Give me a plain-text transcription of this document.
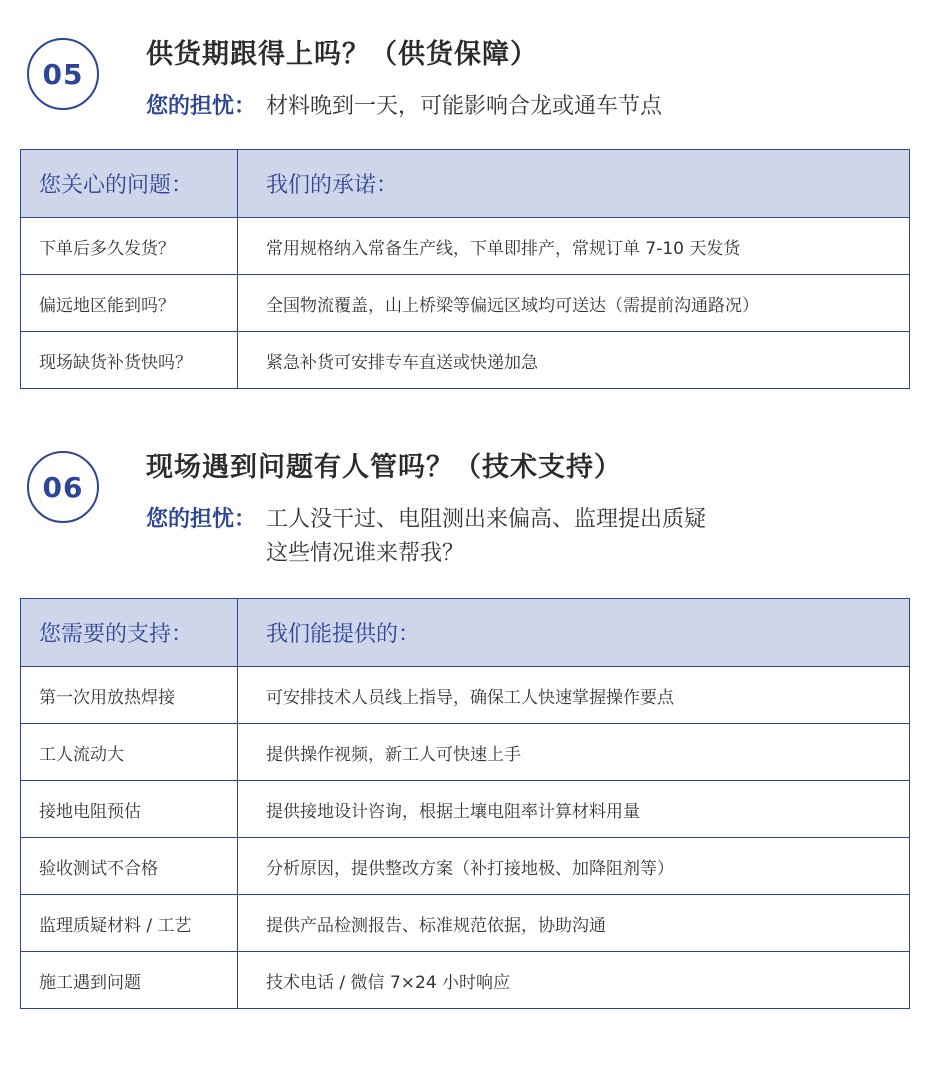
05
供货期跟得上吗？（供货保障）
您的担忧： 材料晚到一天，可能影响合龙或通车节点
您关心的问题：	我们的承诺：
下单后多久发货？	常用规格纳入常备生产线，下单即排产，常规订单 7-10 天发货
偏远地区能到吗？	全国物流覆盖，山上桥梁等偏远区域均可送达（需提前沟通路况）
现场缺货补货快吗？	紧急补货可安排专车直送或快递加急
06
现场遇到问题有人管吗？（技术支持）
您的担忧： 工人没干过、电阻测出来偏高、监理提出质疑
这些情况谁来帮我？
您需要的支持：	我们能提供的：
第一次用放热焊接	可安排技术人员线上指导，确保工人快速掌握操作要点
工人流动大	提供操作视频，新工人可快速上手
接地电阻预估	提供接地设计咨询，根据土壤电阻率计算材料用量
验收测试不合格	分析原因，提供整改方案（补打接地极、加降阻剂等）
监理质疑材料 / 工艺	提供产品检测报告、标准规范依据，协助沟通
施工遇到问题	技术电话 / 微信 7×24 小时响应
